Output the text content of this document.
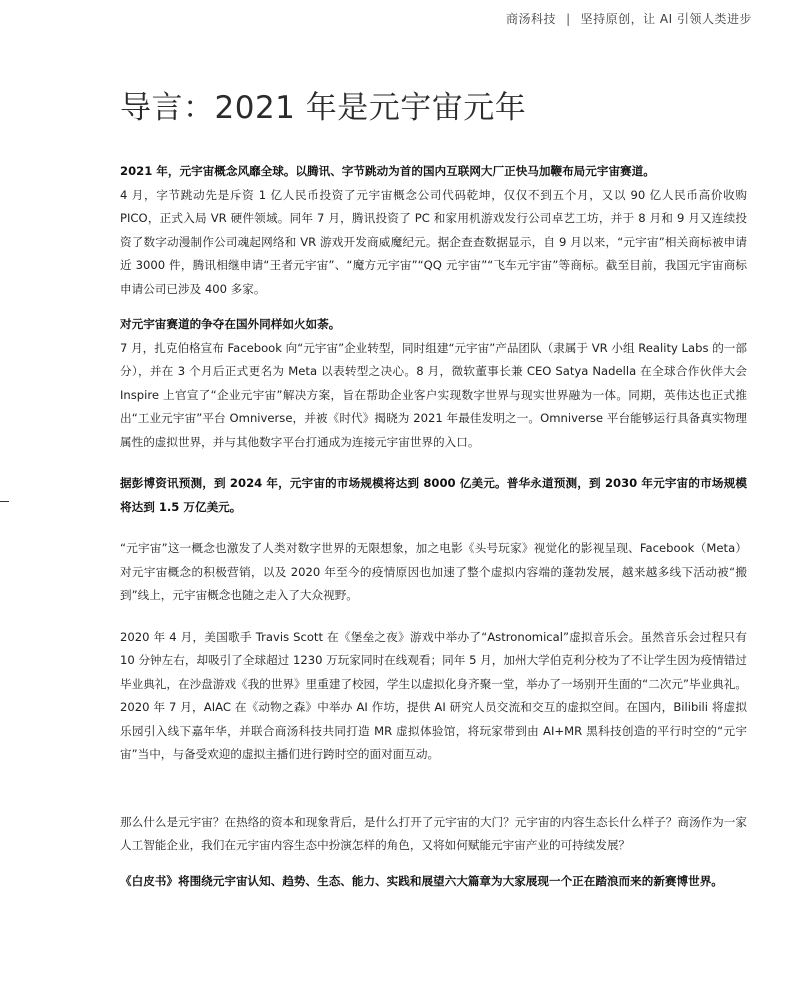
商汤科技 | 坚持原创，让 AI 引领人类进步
导言：2021 年是元宇宙元年

2021 年，元宇宙概念风靡全球。以腾讯、字节跳动为首的国内互联网大厂正快马加鞭布局元宇宙赛道。

4 月，字节跳动先是斥资 1 亿人民币投资了元宇宙概念公司代码乾坤，仅仅不到五个月，又以 90 亿人民币高价收购 PICO，正式入局 VR 硬件领域。同年 7 月，腾讯投资了 PC 和家用机游戏发行公司卓艺工坊，并于 8 月和 9 月又连续投资了数字动漫制作公司魂起网络和 VR 游戏开发商威魔纪元。据企查查数据显示，自 9 月以来，“元宇宙”相关商标被申请近 3000 件，腾讯相继申请“王者元宇宙”、“魔方元宇宙”“QQ 元宇宙”“飞车元宇宙”等商标。截至目前，我国元宇宙商标申请公司已涉及 400 多家。

对元宇宙赛道的争夺在国外同样如火如荼。

7 月，扎克伯格宣布 Facebook 向“元宇宙”企业转型，同时组建“元宇宙”产品团队（隶属于 VR 小组 Reality Labs 的一部分），并在 3 个月后正式更名为 Meta 以表转型之决心。8 月，微软董事长兼 CEO Satya Nadella 在全球合作伙伴大会 Inspire 上官宣了“企业元宇宙”解决方案，旨在帮助企业客户实现数字世界与现实世界融为一体。同期，英伟达也正式推出“工业元宇宙”平台 Omniverse，并被《时代》揭晓为 2021 年最佳发明之一。Omniverse 平台能够运行具备真实物理属性的虚拟世界，并与其他数字平台打通成为连接元宇宙世界的入口。

据彭博资讯预测，到 2024 年，元宇宙的市场规模将达到 8000 亿美元。普华永道预测，到 2030 年元宇宙的市场规模将达到 1.5 万亿美元。

“元宇宙”这一概念也激发了人类对数字世界的无限想象，加之电影《头号玩家》视觉化的影视呈现、Facebook（Meta）对元宇宙概念的积极营销，以及 2020 年至今的疫情原因也加速了整个虚拟内容端的蓬勃发展，越来越多线下活动被“搬到”线上，元宇宙概念也随之走入了大众视野。

2020 年 4 月，美国歌手 Travis Scott 在《堡垒之夜》游戏中举办了“Astronomical”虚拟音乐会。虽然音乐会过程只有 10 分钟左右，却吸引了全球超过 1230 万玩家同时在线观看；同年 5 月，加州大学伯克利分校为了不让学生因为疫情错过毕业典礼，在沙盘游戏《我的世界》里重建了校园，学生以虚拟化身齐聚一堂，举办了一场别开生面的“二次元”毕业典礼。2020 年 7 月，AIAC 在《动物之森》中举办 AI 作坊，提供 AI 研究人员交流和交互的虚拟空间。在国内，Bilibili 将虚拟乐园引入线下嘉年华，并联合商汤科技共同打造 MR 虚拟体验馆，将玩家带到由 AI+MR 黑科技创造的平行时空的“元宇宙”当中，与备受欢迎的虚拟主播们进行跨时空的面对面互动。

那么什么是元宇宙？在热络的资本和现象背后，是什么打开了元宇宙的大门？元宇宙的内容生态长什么样子？商汤作为一家人工智能企业，我们在元宇宙内容生态中扮演怎样的角色，又将如何赋能元宇宙产业的可持续发展？

《白皮书》将围绕元宇宙认知、趋势、生态、能力、实践和展望六大篇章为大家展现一个正在踏浪而来的新赛博世界。
